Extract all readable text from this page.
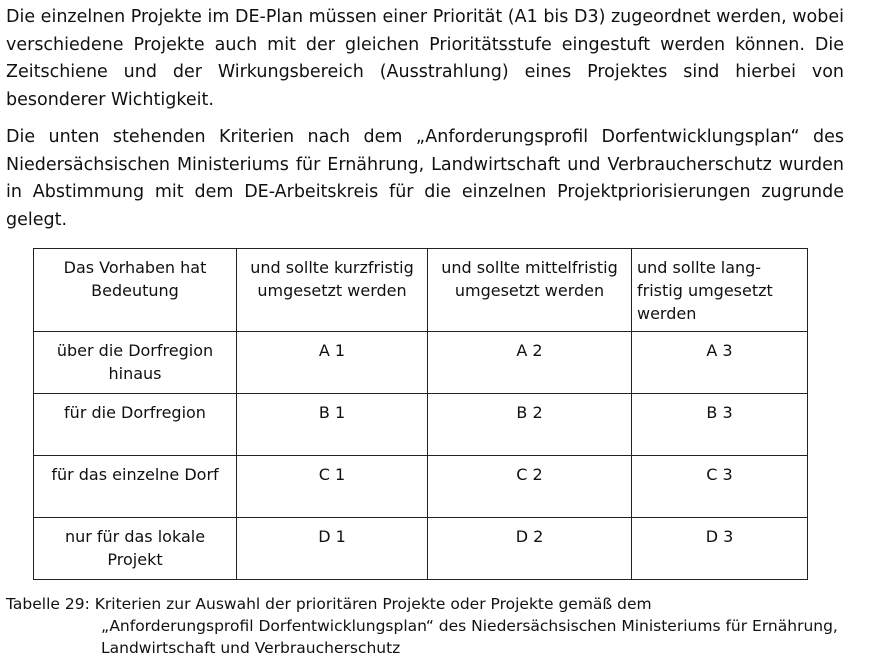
Die einzelnen Projekte im DE-Plan müssen einer Priorität (A1 bis D3) zugeordnet werden, wobei verschiedene Projekte auch mit der gleichen Prioritätsstufe eingestuft werden können. Die Zeitschiene und der Wirkungsbereich (Ausstrahlung) eines Projektes sind hierbei von besonderer Wichtigkeit.

Die unten stehenden Kriterien nach dem „Anforderungsprofil Dorfentwicklungsplan“ des Niedersächsischen Ministeriums für Ernährung, Landwirtschaft und Verbraucherschutz wurden in Abstimmung mit dem DE-Arbeitskreis für die einzelnen Projektpriorisierungen zugrunde gelegt.

Das Vorhaben hat Bedeutung	und sollte kurzfristig umgesetzt werden	und sollte mittelfristig umgesetzt werden	und sollte lang-fristig umgesetzt werden
über die Dorfregion hinaus	A 1	A 2	A 3
für die Dorfregion	B 1	B 2	B 3
für das einzelne Dorf	C 1	C 2	C 3
nur für das lokale Projekt	D 1	D 2	D 3
Tabelle 29: Kriterien zur Auswahl der prioritären Projekte oder Projekte gemäß dem
„Anforderungsprofil Dorfentwicklungsplan“ des Niedersächsischen Ministeriums für Ernährung, Landwirtschaft und Verbraucherschutz
